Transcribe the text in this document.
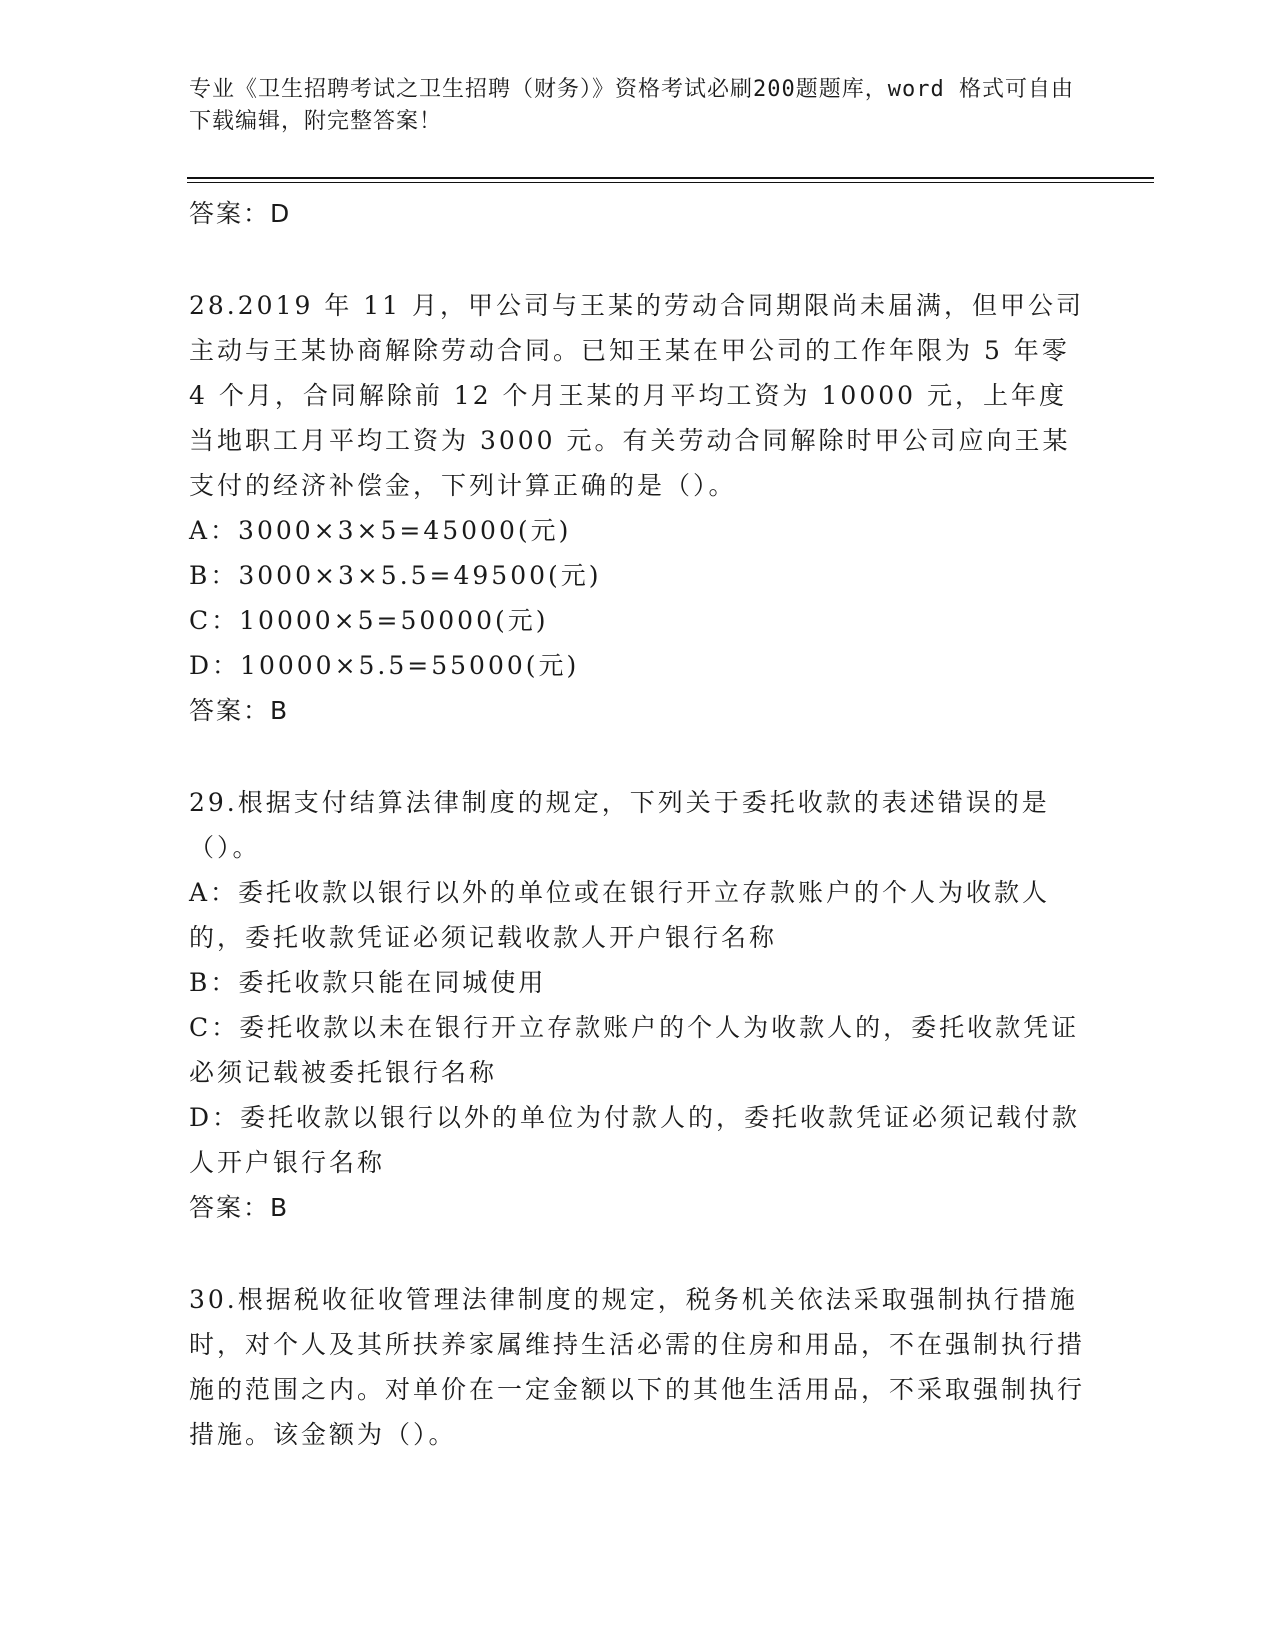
专业《卫生招聘考试之卫生招聘（财务）》资格考试必刷200题题库，word 格式可自由下载编辑，附完整答案！

答案：D

28.2019 年 11 月，甲公司与王某的劳动合同期限尚未届满，但甲公司主动与王某协商解除劳动合同。已知王某在甲公司的工作年限为 5 年零 4 个月，合同解除前 12 个月王某的月平均工资为 10000 元，上年度当地职工月平均工资为 3000 元。有关劳动合同解除时甲公司应向王某支付的经济补偿金，下列计算正确的是（）。

A：3000×3×5=45000(元)

B：3000×3×5.5=49500(元)

C：10000×5=50000(元)

D：10000×5.5=55000(元)

答案：B

29.根据支付结算法律制度的规定，下列关于委托收款的表述错误的是（）。

A：委托收款以银行以外的单位或在银行开立存款账户的个人为收款人的，委托收款凭证必须记载收款人开户银行名称

B：委托收款只能在同城使用

C：委托收款以未在银行开立存款账户的个人为收款人的，委托收款凭证必须记载被委托银行名称

D：委托收款以银行以外的单位为付款人的，委托收款凭证必须记载付款人开户银行名称

答案：B

30.根据税收征收管理法律制度的规定，税务机关依法采取强制执行措施时，对个人及其所扶养家属维持生活必需的住房和用品，不在强制执行措施的范围之内。对单价在一定金额以下的其他生活用品，不采取强制执行措施。该金额为（）。
